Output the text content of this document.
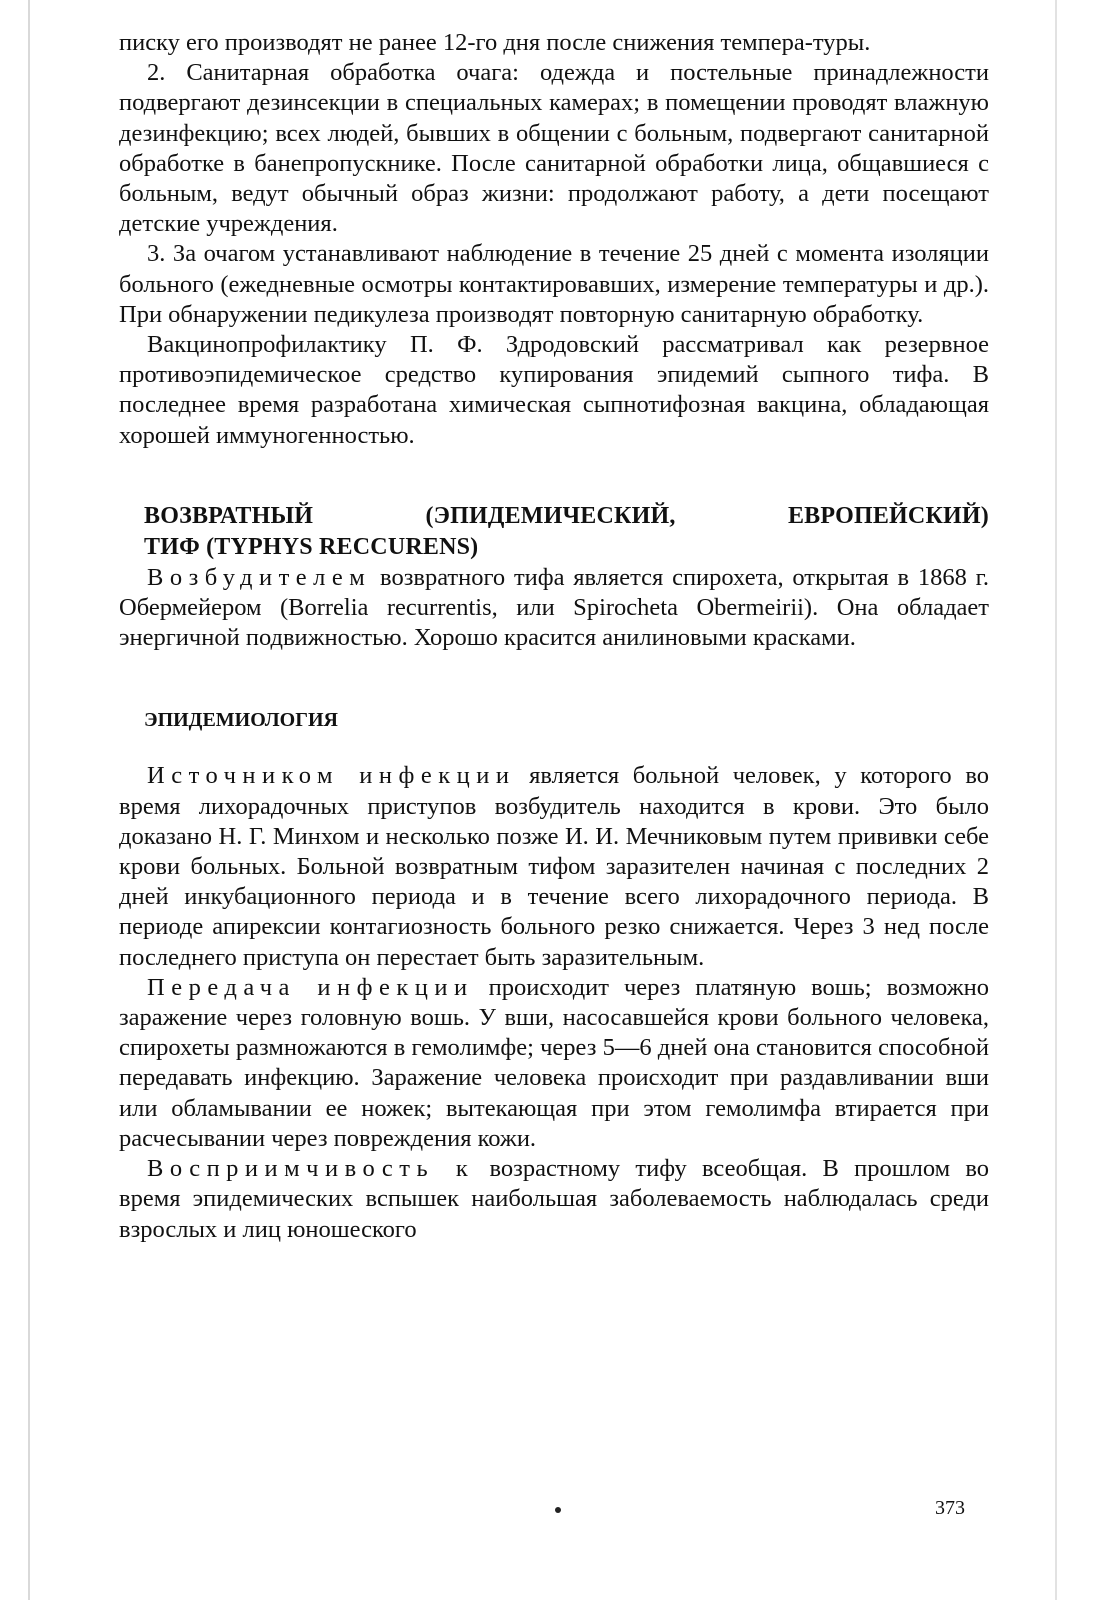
писку его производят не ранее 12-го дня после снижения темпера-туры.

2. Санитарная обработка очага: одежда и постельные принадлежности подвергают дезинсекции в специальных камерах; в помещении проводят влажную дезинфекцию; всех людей, бывших в общении с больным, подвергают санитарной обработке в банепропускнике. После санитарной обработки лица, общавшиеся с больным, ведут обычный образ жизни: продолжают работу, а дети посещают детские учреждения.

3. За очагом устанавливают наблюдение в течение 25 дней с момента изоляции больного (ежедневные осмотры контактировавших, измерение температуры и др.). При обнаружении педикулеза производят повторную санитарную обработку.

Вакцинопрофилактику П. Ф. Здродовский рассматривал как резервное противоэпидемическое средство купирования эпидемий сыпного тифа. В последнее время разработана химическая сыпнотифозная вакцина, обладающая хорошей иммуногенностью.

ВОЗВРАТНЫЙ	(ЭПИДЕМИЧЕСКИЙ,	ЕВРОПЕЙСКИЙ)
ТИФ (TYPHYS RECCURENS)

Возбудителем возвратного тифа является спирохета, открытая в 1868 г. Обермейером (Borrelia recurrentis, или Spirocheta Obermeirii). Она обладает энергичной подвижностью. Хорошо красится анилиновыми красками.

ЭПИДЕМИОЛОГИЯ

Источником инфекции является больной человек, у которого во время лихорадочных приступов возбудитель находится в крови. Это было доказано Н. Г. Минхом и несколько позже И. И. Мечниковым путем прививки себе крови больных. Больной возвратным тифом заразителен начиная с последних 2 дней инкубационного периода и в течение всего лихорадочного периода. В периоде апирексии контагиозность больного резко снижается. Через 3 нед после последнего приступа он перестает быть заразительным.

Передача инфекции происходит через платяную вошь; возможно заражение через головную вошь. У вши, насосавшейся крови больного человека, спирохеты размножаются в гемолимфе; через 5—6 дней она становится способной передавать инфекцию. Заражение человека происходит при раздавливании вши или обламывании ее ножек; вытекающая при этом гемолимфа втирается при расчесывании через повреждения кожи.

Восприимчивость к возрастному тифу всеобщая. В прошлом во время эпидемических вспышек наибольшая заболеваемость наблюдалась среди взрослых и лиц юношеского

373
